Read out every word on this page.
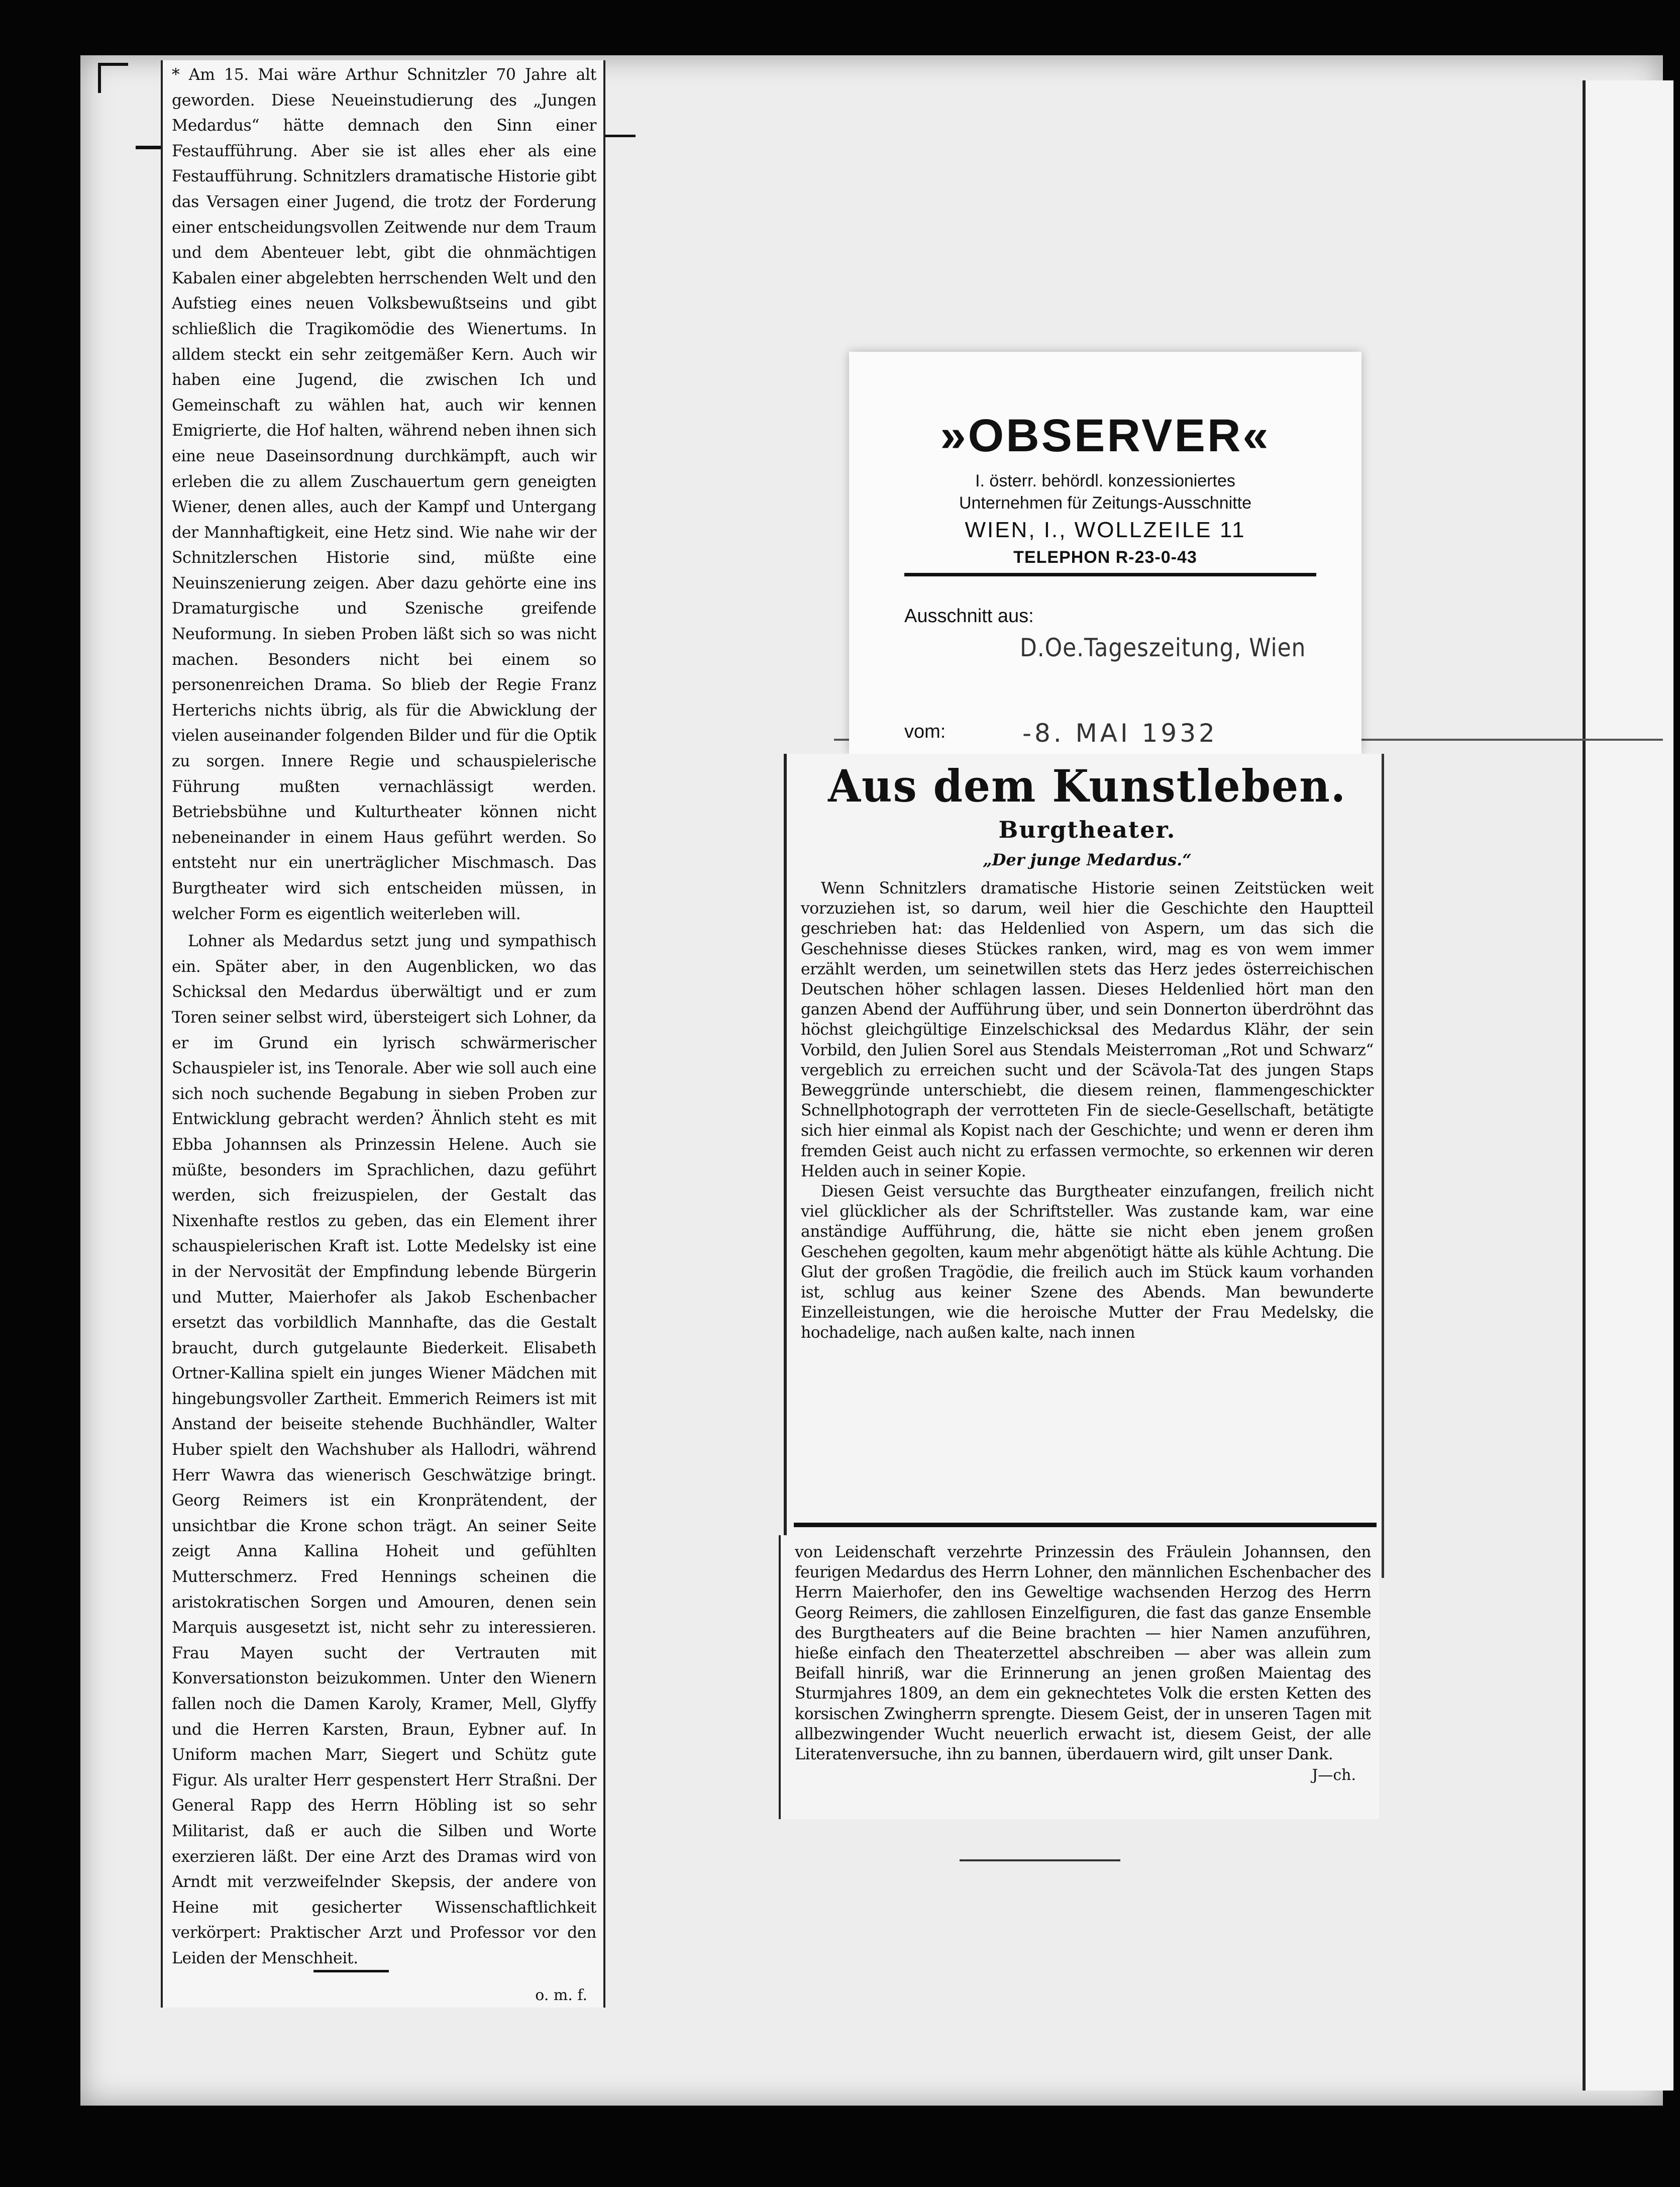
* Am 15. Mai wäre Arthur Schnitzler 70 Jahre alt geworden. Diese Neueinstudierung des „Jungen Medardus“ hätte demnach den Sinn einer Festaufführung. Aber sie ist alles eher als eine Festaufführung. Schnitzlers dramatische Historie gibt das Versagen einer Jugend, die trotz der Forderung einer entscheidungsvollen Zeitwende nur dem Traum und dem Abenteuer lebt, gibt die ohnmächtigen Kabalen einer abgelebten herrschenden Welt und den Aufstieg eines neuen Volksbewußtseins und gibt schließlich die Tragikomödie des Wienertums. In alldem steckt ein sehr zeitgemäßer Kern. Auch wir haben eine Jugend, die zwischen Ich und Gemeinschaft zu wählen hat, auch wir kennen Emigrierte, die Hof halten, während neben ihnen sich eine neue Daseinsordnung durchkämpft, auch wir erleben die zu allem Zuschauertum gern geneigten Wiener, denen alles, auch der Kampf und Untergang der Mannhaftigkeit, eine Hetz sind. Wie nahe wir der Schnitzlerschen Historie sind, müßte eine Neuinszenierung zeigen. Aber dazu gehörte eine ins Dramaturgische und Szenische greifende Neuformung. In sieben Proben läßt sich so was nicht machen. Besonders nicht bei einem so personenreichen Drama. So blieb der Regie Franz Herterichs nichts übrig, als für die Abwicklung der vielen auseinander folgenden Bilder und für die Optik zu sorgen. Innere Regie und schauspielerische Führung mußten vernachlässigt werden. Betriebsbühne und Kulturtheater können nicht nebeneinander in einem Haus geführt werden. So entsteht nur ein unerträglicher Mischmasch. Das Burgtheater wird sich entscheiden müssen, in welcher Form es eigentlich weiterleben will.

Lohner als Medardus setzt jung und sympathisch ein. Später aber, in den Augenblicken, wo das Schicksal den Medardus überwältigt und er zum Toren seiner selbst wird, übersteigert sich Lohner, da er im Grund ein lyrisch schwärmerischer Schauspieler ist, ins Tenorale. Aber wie soll auch eine sich noch suchende Begabung in sieben Proben zur Entwicklung gebracht werden? Ähnlich steht es mit Ebba Johannsen als Prinzessin Helene. Auch sie müßte, besonders im Sprachlichen, dazu geführt werden, sich freizuspielen, der Gestalt das Nixenhafte restlos zu geben, das ein Element ihrer schauspielerischen Kraft ist. Lotte Medelsky ist eine in der Nervosität der Empfindung lebende Bürgerin und Mutter, Maierhofer als Jakob Eschenbacher ersetzt das vorbildlich Mannhafte, das die Gestalt braucht, durch gutgelaunte Biederkeit. Elisabeth Ortner-Kallina spielt ein junges Wiener Mädchen mit hingebungsvoller Zartheit. Emmerich Reimers ist mit Anstand der beiseite stehende Buchhändler, Walter Huber spielt den Wachshuber als Hallodri, während Herr Wawra das wienerisch Geschwätzige bringt. Georg Reimers ist ein Kronprätendent, der unsichtbar die Krone schon trägt. An seiner Seite zeigt Anna Kallina Hoheit und gefühlten Mutterschmerz. Fred Hennings scheinen die aristokratischen Sorgen und Amouren, denen sein Marquis ausgesetzt ist, nicht sehr zu interessieren. Frau Mayen sucht der Vertrauten mit Konversationston beizukommen. Unter den Wienern fallen noch die Damen Karoly, Kramer, Mell, Glyffy und die Herren Karsten, Braun, Eybner auf. In Uniform machen Marr, Siegert und Schütz gute Figur. Als uralter Herr gespenstert Herr Straßni. Der General Rapp des Herrn Höbling ist so sehr Militarist, daß er auch die Silben und Worte exerzieren läßt. Der eine Arzt des Dramas wird von Arndt mit verzweifelnder Skepsis, der andere von Heine mit gesicherter Wissenschaftlichkeit verkörpert: Praktischer Arzt und Professor vor den Leiden der Menschheit.

o. m. f.
»OBSERVER«
I. österr. behördl. konzessioniertes
Unternehmen für Zeitungs-Ausschnitte
WIEN, I., WOLLZEILE 11
TELEPHON R-23-0-43
Ausschnitt aus:
D.Oe.Tageszeitung, Wien
vom:	-8. MAI 1932
Aus dem Kunstleben.
Burgtheater.
„Der junge Medardus.“

Wenn Schnitzlers dramatische Historie seinen Zeitstücken weit vorzuziehen ist, so darum, weil hier die Geschichte den Hauptteil geschrieben hat: das Heldenlied von Aspern, um das sich die Geschehnisse dieses Stückes ranken, wird, mag es von wem immer erzählt werden, um seinetwillen stets das Herz jedes österreichischen Deutschen höher schlagen lassen. Dieses Heldenlied hört man den ganzen Abend der Aufführung über, und sein Donnerton überdröhnt das höchst gleichgültige Einzelschicksal des Medardus Klähr, der sein Vorbild, den Julien Sorel aus Stendals Meisterroman „Rot und Schwarz“ vergeblich zu erreichen sucht und der Scävola-Tat des jungen Staps Beweggründe unterschiebt, die diesem reinen, flammengeschickter Schnellphotograph der verrotteten Fin de siecle-Gesellschaft, betätigte sich hier einmal als Kopist nach der Geschichte; und wenn er deren ihm fremden Geist auch nicht zu erfassen vermochte, so erkennen wir deren Helden auch in seiner Kopie.

Diesen Geist versuchte das Burgtheater einzufangen, freilich nicht viel glücklicher als der Schriftsteller. Was zustande kam, war eine anständige Aufführung, die, hätte sie nicht eben jenem großen Geschehen gegolten, kaum mehr abgenötigt hätte als kühle Achtung. Die Glut der großen Tragödie, die freilich auch im Stück kaum vorhanden ist, schlug aus keiner Szene des Abends. Man bewunderte Einzelleistungen, wie die heroische Mutter der Frau Medelsky, die hochadelige, nach außen kalte, nach innen

von Leidenschaft verzehrte Prinzessin des Fräulein Johannsen, den feurigen Medardus des Herrn Lohner, den männlichen Eschenbacher des Herrn Maierhofer, den ins Geweltige wachsenden Herzog des Herrn Georg Reimers, die zahllosen Einzelfiguren, die fast das ganze Ensemble des Burgtheaters auf die Beine brachten — hier Namen anzuführen, hieße einfach den Theaterzettel abschreiben — aber was allein zum Beifall hinriß, war die Erinnerung an jenen großen Maientag des Sturmjahres 1809, an dem ein geknechtetes Volk die ersten Ketten des korsischen Zwingherrn sprengte. Diesem Geist, der in unseren Tagen mit allbezwingender Wucht neuerlich erwacht ist, diesem Geist, der alle Literatenversuche, ihn zu bannen, überdauern wird, gilt unser Dank.

J—ch.
